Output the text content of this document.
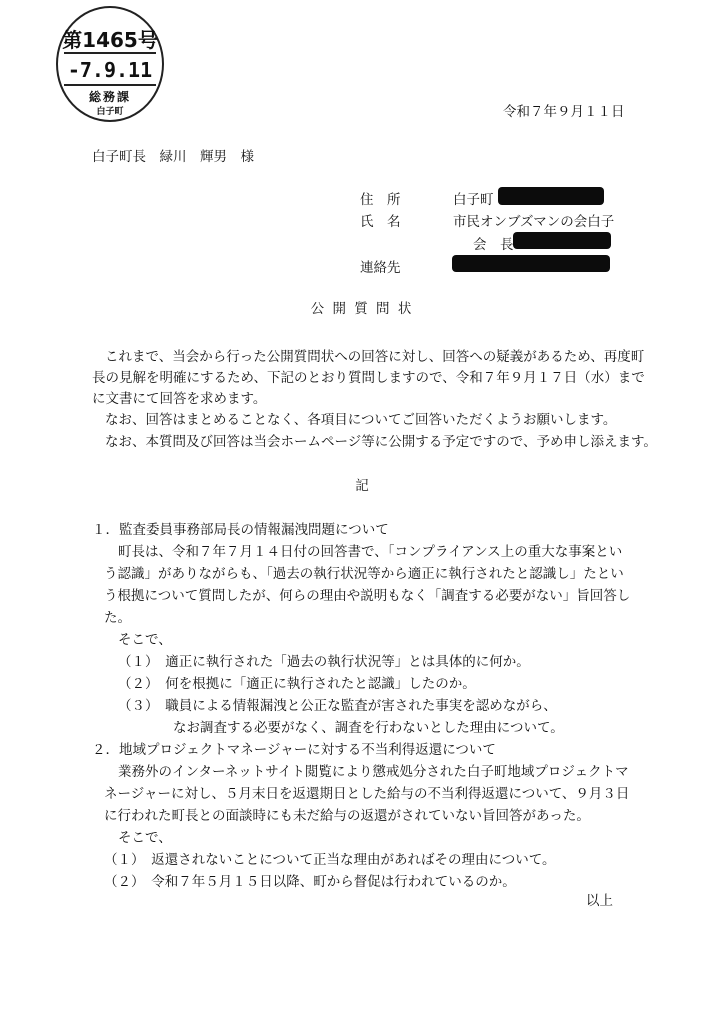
第1465号
-7.9.11
総務課
白子町	令和７年９月１１日
白子町長　緑川　輝男　様
住　所	白子町
氏　名	市民オンブズマンの会白子
会　長
連絡先
公 開 質 問 状
これまで、当会から行った公開質問状への回答に対し、回答への疑義があるため、再度町
長の見解を明確にするため、下記のとおり質問しますので、令和７年９月１７日（水）まで
に文書にて回答を求めます。
なお、回答はまとめることなく、各項目についてご回答いただくようお願いします。
なお、本質問及び回答は当会ホームページ等に公開する予定ですので、予め申し添えます。
記
１．監査委員事務部局長の情報漏洩問題について
町長は、令和７年７月１４日付の回答書で、「コンプライアンス上の重大な事案とい
う認識」がありながらも、「過去の執行状況等から適正に執行されたと認識し」たとい
う根拠について質問したが、何らの理由や説明もなく「調査する必要がない」旨回答し
た。
そこで、
（１）　適正に執行された「過去の執行状況等」とは具体的に何か。
（２）　何を根拠に「適正に執行されたと認識」したのか。
（３）　職員による情報漏洩と公正な監査が害された事実を認めながら、
なお調査する必要がなく、調査を行わないとした理由について。
２．地域プロジェクトマネージャーに対する不当利得返還について
業務外のインターネットサイト閲覧により懲戒処分された白子町地域プロジェクトマ
ネージャーに対し、５月末日を返還期日とした給与の不当利得返還について、９月３日
に行われた町長との面談時にも未だ給与の返還がされていない旨回答があった。
そこで、
（１）　返還されないことについて正当な理由があればその理由について。
（２）　令和７年５月１５日以降、町から督促は行われているのか。
以上
